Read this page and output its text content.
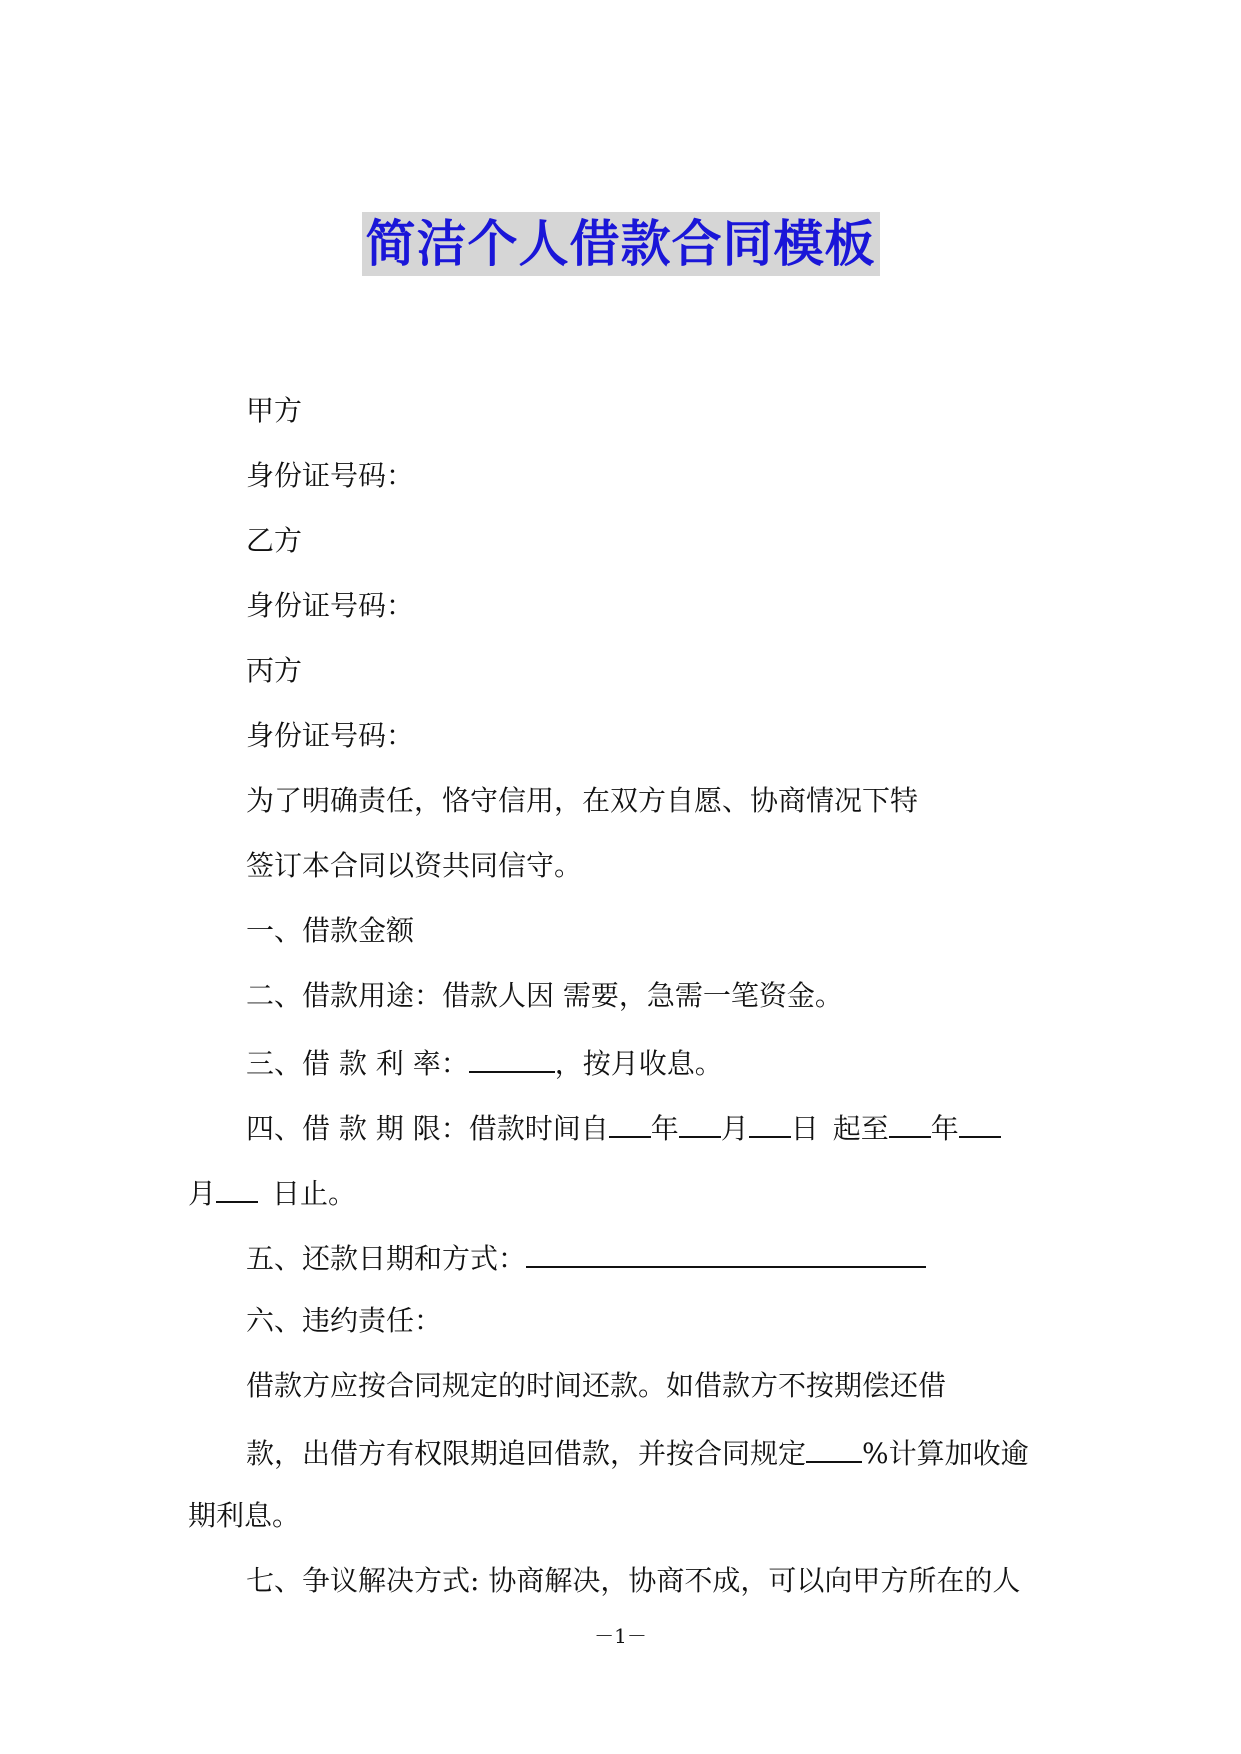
简洁个人借款合同模板
甲方
身份证号码：
乙方
身份证号码：
丙方
身份证号码：
为了明确责任，恪守信用，在双方自愿、协商情况下特
签订本合同以资共同信守。
一、借款金额
二、借款用途：借款人因 需要，急需一笔资金。
三、借 款 利 率：	，按月收息。
四、借 款 期 限：借款时间自 年 月 日 起至 年
月 日止。
五、还款日期和方式：
六、违约责任：
借款方应按合同规定的时间还款。如借款方不按期偿还借
款，出借方有权限期追回借款，并按合同规定 %计算加收逾
期利息。
七、争议解决方式: 协商解决，协商不成，可以向甲方所在的人
－1－
